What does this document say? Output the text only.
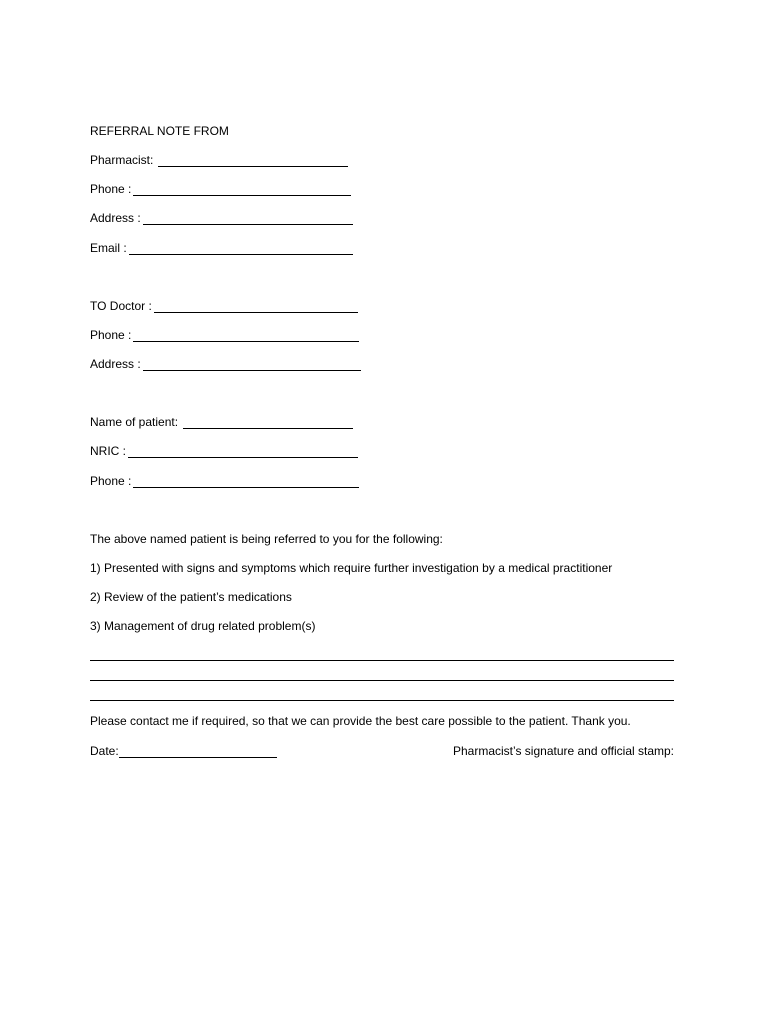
REFERRAL NOTE FROM
Pharmacist:
Phone :
Address :
Email :
TO Doctor :
Phone :
Address :
Name of patient:
NRIC :
Phone :
The above named patient is being referred to you for the following:
1) Presented with signs and symptoms which require further investigation by a medical practitioner
2) Review of the patient’s medications
3) Management of drug related problem(s)
Please contact me if required, so that we can provide the best care possible to the patient. Thank you.
Date:	Pharmacist’s signature and official stamp:
